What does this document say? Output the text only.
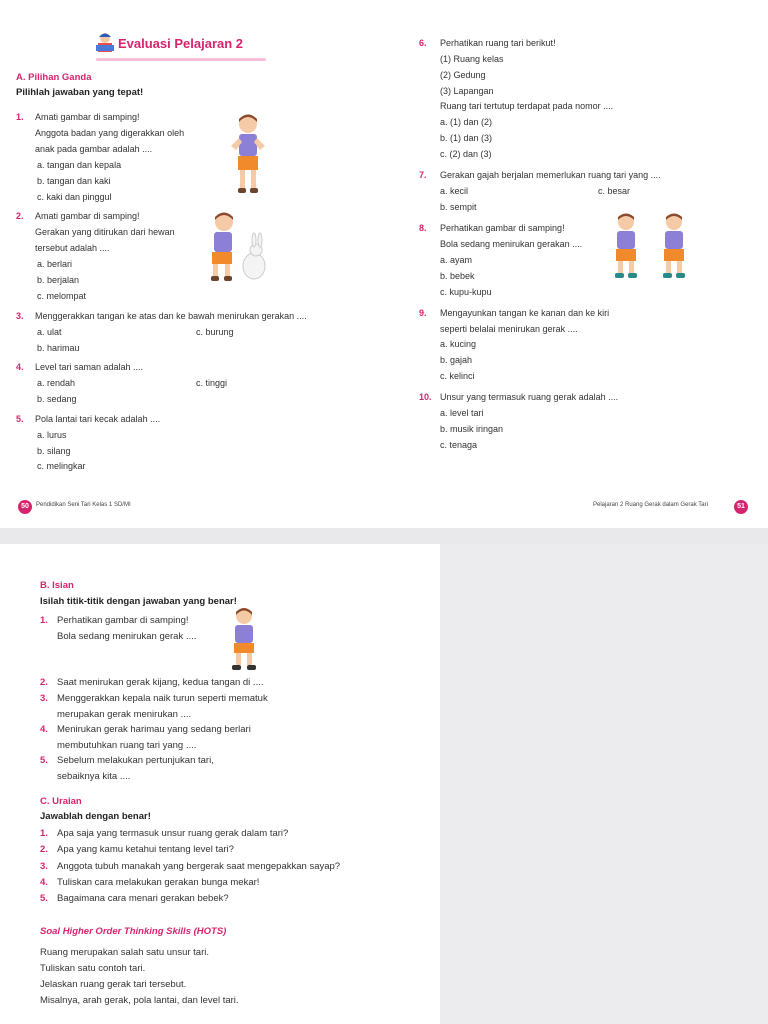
Evaluasi Pelajaran 2
A. Pilihan Ganda
Pilihlah jawaban yang tepat!
1. Amati gambar di samping!
Anggota badan yang digerakkan oleh
anak pada gambar adalah ....
a. tangan dan kepala
b. tangan dan kaki
c. kaki dan pinggul
2. Amati gambar di samping!
Gerakan yang ditirukan dari hewan
tersebut adalah ....
a. berlari
b. berjalan
c. melompat
3. Menggerakkan tangan ke atas dan ke bawah menirukan gerakan ....
a. ulat
b. harimau
c. burung
4. Level tari saman adalah ....
a. rendah
b. sedang
c. tinggi
5. Pola lantai tari kecak adalah ....
a. lurus
b. silang
c. melingkar
6. Perhatikan ruang tari berikut!
(1) Ruang kelas
(2) Gedung
(3) Lapangan
Ruang tari tertutup terdapat pada nomor ....
a. (1) dan (2)
b. (1) dan (3)
c. (2) dan (3)
7. Gerakan gajah berjalan memerlukan ruang tari yang ....
a. kecil
b. sempit
c. besar
8. Perhatikan gambar di samping!
Bola sedang menirukan gerakan ....
a. ayam
b. bebek
c. kupu-kupu
9. Mengayunkan tangan ke kanan dan ke kiri
seperti belalai menirukan gerak ....
a. kucing
b. gajah
c. kelinci
10. Unsur yang termasuk ruang gerak adalah ....
a. level tari
b. musik iringan
c. tenaga
50	Pendidikan Seni Tari Kelas 1 SD/MI	Pelajaran 2 Ruang Gerak dalam Gerak Tari	51
B. Isian
Isilah titik-titik dengan jawaban yang benar!
1. Perhatikan gambar di samping!
Bola sedang menirukan gerak ....
2. Saat menirukan gerak kijang, kedua tangan di ....
3. Menggerakkan kepala naik turun seperti mematuk
merupakan gerak menirukan ....
4. Menirukan gerak harimau yang sedang berlari
membutuhkan ruang tari yang ....
5. Sebelum melakukan pertunjukan tari,
sebaiknya kita ....
C. Uraian
Jawablah dengan benar!
1. Apa saja yang termasuk unsur ruang gerak dalam tari?
2. Apa yang kamu ketahui tentang level tari?
3. Anggota tubuh manakah yang bergerak saat mengepakkan sayap?
4. Tuliskan cara melakukan gerakan bunga mekar!
5. Bagaimana cara menari gerakan bebek?
Soal Higher Order Thinking Skills (HOTS)
Ruang merupakan salah satu unsur tari.
Tuliskan satu contoh tari.
Jelaskan ruang gerak tari tersebut.
Misalnya, arah gerak, pola lantai, dan level tari.
